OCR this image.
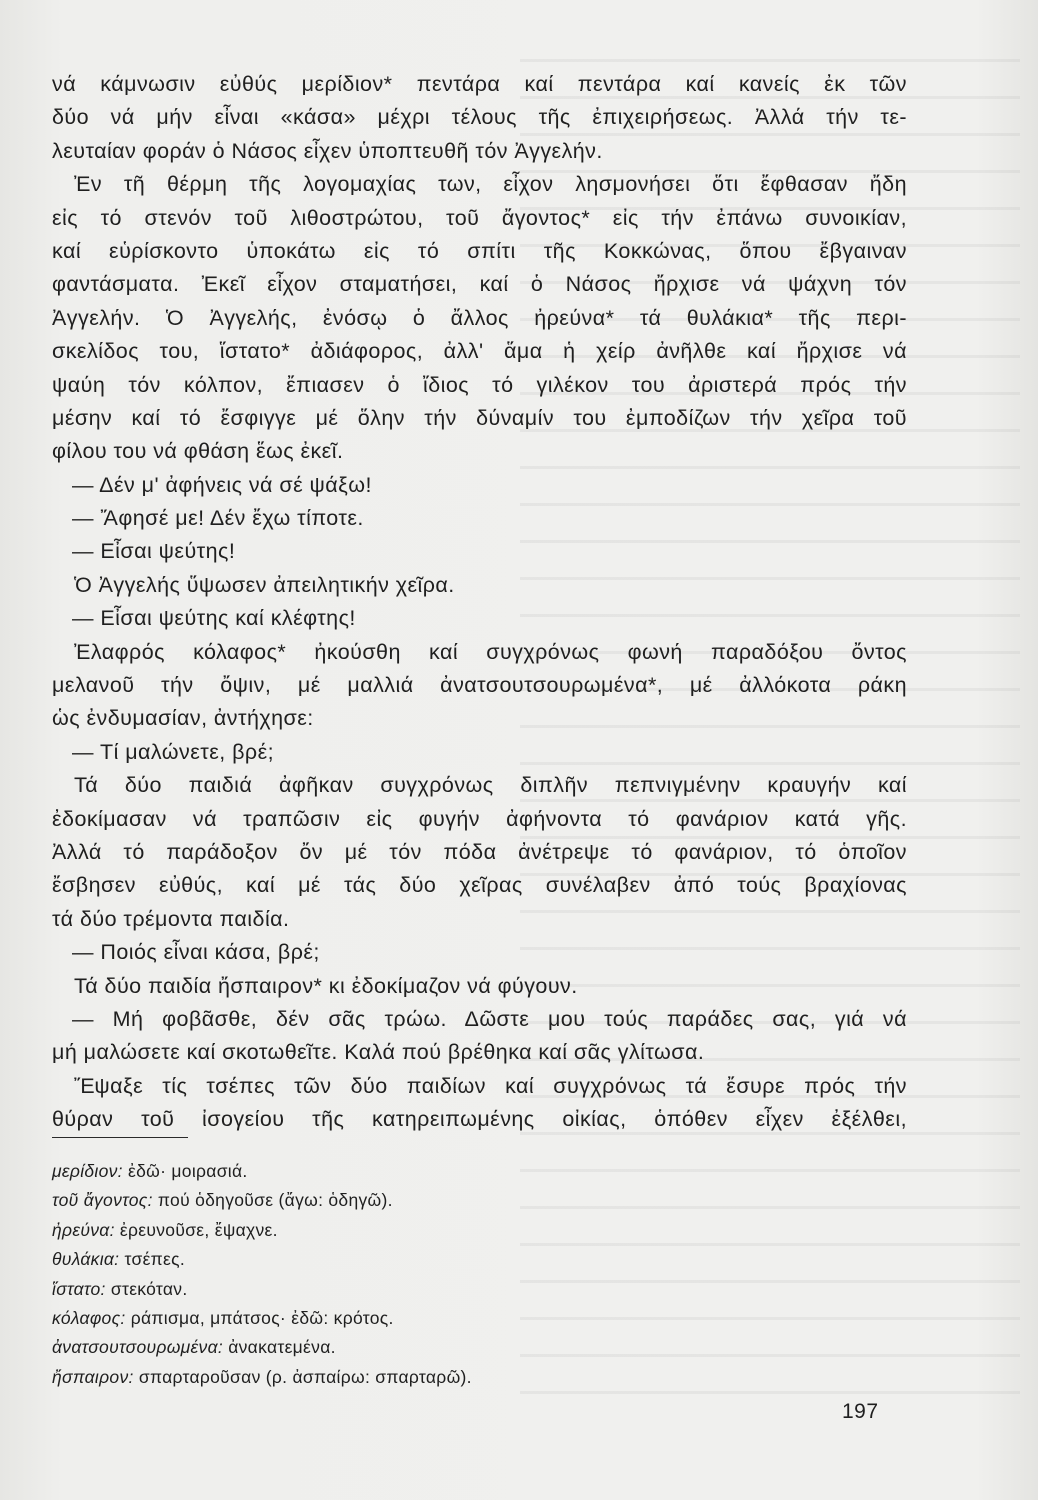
νά κάμνωσιν εὐθύς μερίδιον* πεντάρα καί πεντάρα καί κανείς ἐκ τῶν
δύο νά μήν εἶναι «κάσα» μέχρι τέλους τῆς ἐπιχειρήσεως. Ἀλλά τήν τε-
λευταίαν φοράν ὁ Νάσος εἶχεν ὑποπτευθῆ τόν Ἀγγελήν.
Ἐν τῆ θέρμη τῆς λογομαχίας των, εἶχον λησμονήσει ὅτι ἔφθασαν ἤδη
εἰς τό στενόν τοῦ λιθοστρώτου, τοῦ ἄγοντος* εἰς τήν ἐπάνω συνοικίαν,
καί εὑρίσκοντο ὑποκάτω εἰς τό σπίτι τῆς Κοκκώνας, ὅπου ἔβγαιναν
φαντάσματα. Ἐκεῖ εἶχον σταματήσει, καί ὁ Νάσος ἤρχισε νά ψάχνη τόν
Ἀγγελήν. Ὁ Ἀγγελής, ἐνόσῳ ὁ ἄλλος ἠρεύνα* τά θυλάκια* τῆς περι-
σκελίδος του, ἵστατο* ἀδιάφορος, ἀλλ' ἅμα ἡ χείρ ἀνῆλθε καί ἤρχισε νά
ψαύη τόν κόλπον, ἔπιασεν ὁ ἴδιος τό γιλέκον του ἀριστερά πρός τήν
μέσην καί τό ἔσφιγγε μέ ὅλην τήν δύναμίν του ἐμποδίζων τήν χεῖρα τοῦ
φίλου του νά φθάση ἕως ἐκεῖ.
— Δέν μ' ἀφήνεις νά σέ ψάξω!
— Ἄφησέ με! Δέν ἔχω τίποτε.
— Εἶσαι ψεύτης!
Ὁ Ἀγγελής ὕψωσεν ἀπειλητικήν χεῖρα.
— Εἶσαι ψεύτης καί κλέφτης!
Ἐλαφρός κόλαφος* ἠκούσθη καί συγχρόνως φωνή παραδόξου ὄντος
μελανοῦ τήν ὄψιν, μέ μαλλιά ἀνατσουτσουρωμένα*, μέ ἀλλόκοτα ράκη
ὡς ἐνδυμασίαν, ἀντήχησε:
— Τί μαλώνετε, βρέ;
Τά δύο παιδιά ἀφῆκαν συγχρόνως διπλῆν πεπνιγμένην κραυγήν καί
ἐδοκίμασαν νά τραπῶσιν εἰς φυγήν ἀφήνοντα τό φανάριον κατά γῆς.
Ἀλλά τό παράδοξον ὄν μέ τόν πόδα ἀνέτρεψε τό φανάριον, τό ὁποῖον
ἔσβησεν εὐθύς, καί μέ τάς δύο χεῖρας συνέλαβεν ἀπό τούς βραχίονας
τά δύο τρέμοντα παιδία.
— Ποιός εἶναι κάσα, βρέ;
Τά δύο παιδία ἤσπαιρον* κι ἐδοκίμαζον νά φύγουν.
— Μή φοβᾶσθε, δέν σᾶς τρώω. Δῶστε μου τούς παράδες σας, γιά νά
μή μαλώσετε καί σκοτωθεῖτε. Καλά πού βρέθηκα καί σᾶς γλίτωσα.
Ἔψαξε τίς τσέπες τῶν δύο παιδίων καί συγχρόνως τά ἔσυρε πρός τήν
θύραν τοῦ ἰσογείου τῆς κατηρειπωμένης οἰκίας, ὁπόθεν εἶχεν ἐξέλθει,
μερίδιον: ἐδῶ· μοιρασιά.
τοῦ ἄγοντος: πού ὁδηγοῦσε (ἄγω: ὁδηγῶ).
ἠρεύνα: ἐρευνοῦσε, ἔψαχνε.
θυλάκια: τσέπες.
ἵστατο: στεκόταν.
κόλαφος: ράπισμα, μπάτσος· ἐδῶ: κρότος.
ἀνατσουτσουρωμένα: ἀνακατεμένα.
ἤσπαιρον: σπαρταροῦσαν (ρ. ἀσπαίρω: σπαρταρῶ).
197
